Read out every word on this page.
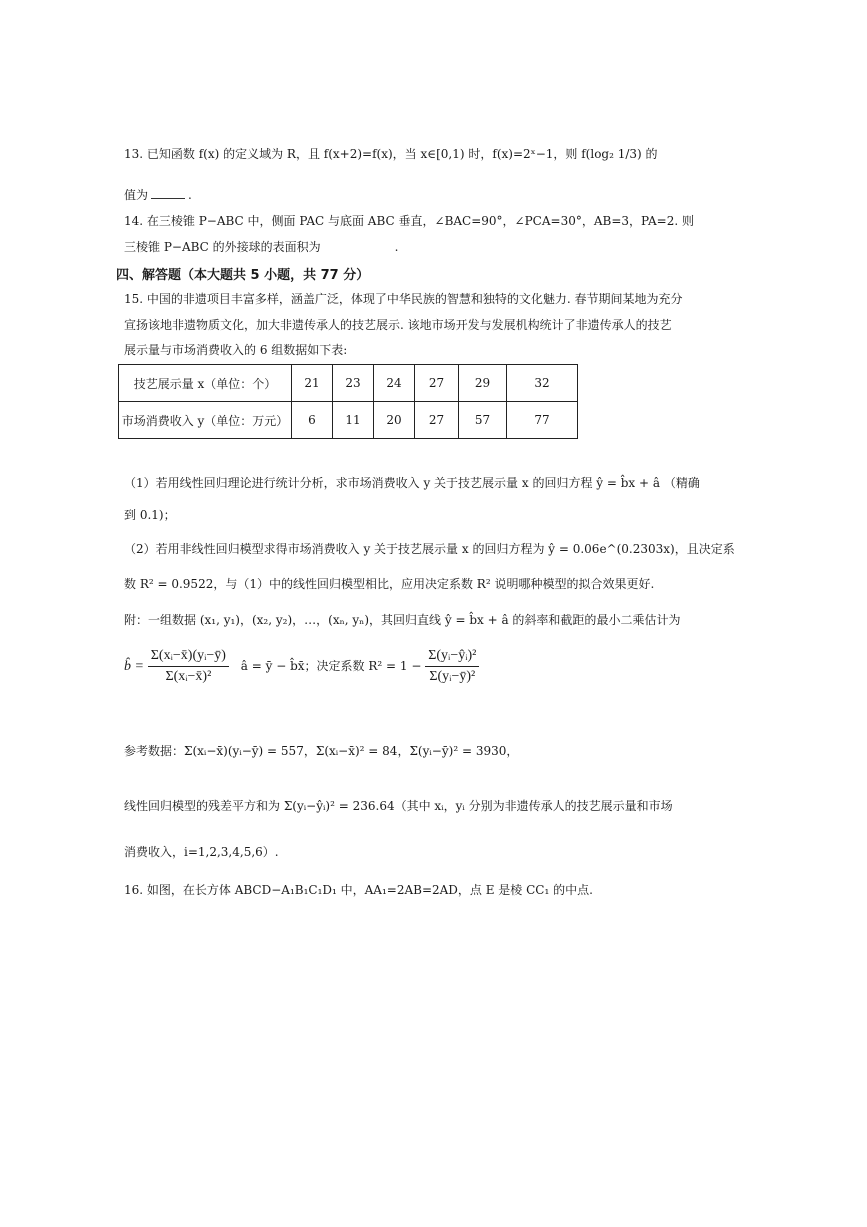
13. 已知函数 f(x) 的定义域为 R，且 f(x+2)=f(x)，当 x∈[0,1) 时，f(x)=2ˣ−1，则 f(log₂ 1/3) 的
值为	.
14. 在三棱锥 P−ABC 中，侧面 PAC 与底面 ABC 垂直，∠BAC=90°，∠PCA=30°，AB=3，PA=2. 则
三棱锥 P−ABC 的外接球的表面积为	.
四、解答题（本大题共 5 小题，共 77 分）
15. 中国的非遗项目丰富多样，涵盖广泛，体现了中华民族的智慧和独特的文化魅力. 春节期间某地为充分
宣扬该地非遗物质文化，加大非遗传承人的技艺展示. 该地市场开发与发展机构统计了非遗传承人的技艺
展示量与市场消费收入的 6 组数据如下表:
技艺展示量 x（单位：个）	21	23	24	27	29	32
市场消费收入 y（单位：万元）	6	11	20	27	57	77
（1）若用线性回归理论进行统计分析，求市场消费收入 y 关于技艺展示量 x 的回归方程 ŷ = b̂x + â （精确
到 0.1)；
（2）若用非线性回归模型求得市场消费收入 y 关于技艺展示量 x 的回归方程为 ŷ = 0.06e^(0.2303x)，且决定系
数 R² = 0.9522，与（1）中的线性回归模型相比，应用决定系数 R² 说明哪种模型的拟合效果更好.
附：一组数据 (x₁, y₁)，(x₂, y₂)，…，(xₙ, yₙ)，其回归直线 ŷ = b̂x + â 的斜率和截距的最小二乘估计为
b̂ = $\frac{\text{Σ(xᵢ−x̄)(yᵢ−ȳ)}}{\text{Σ(xᵢ−x̄)²}}$ â = ȳ − b̂x̄；决定系数 $R^2 = 1 - \frac{\text{Σ(yᵢ−ŷᵢ)²}}{\text{Σ(yᵢ−ȳ)²}}$
参考数据：Σ(xᵢ−x̄)(yᵢ−ȳ) = 557，Σ(xᵢ−x̄)² = 84，Σ(yᵢ−ȳ)² = 3930，
线性回归模型的残差平方和为 Σ(yᵢ−ŷᵢ)² = 236.64（其中 xᵢ，yᵢ 分别为非遗传承人的技艺展示量和市场
消费收入，i=1,2,3,4,5,6）.
16. 如图，在长方体 ABCD−A₁B₁C₁D₁ 中，AA₁=2AB=2AD，点 E 是棱 CC₁ 的中点.
